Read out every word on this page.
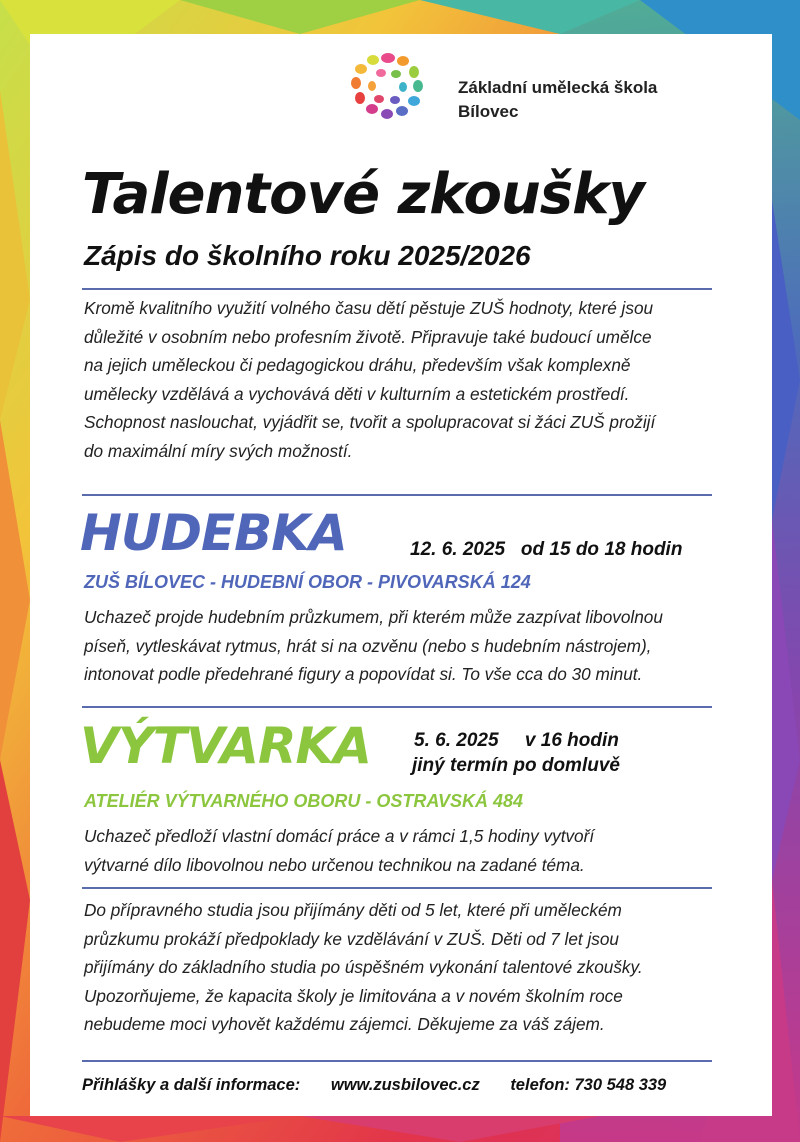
Základní umělecká škola
Bílovec
Talentové zkoušky
Zápis do školního roku 2025/2026
Kromě kvalitního využití volného času dětí pěstuje ZUŠ hodnoty, které jsou
důležité v osobním nebo profesním životě. Připravuje také budoucí umělce
na jejich uměleckou či pedagogickou dráhu, především však komplexně
umělecky vzdělává a vychovává děti v kulturním a estetickém prostředí.
Schopnost naslouchat, vyjádřit se, tvořit a spolupracovat si žáci ZUŠ prožijí
do maximální míry svých možností.
HUDEBKA	12. 6. 2025   od 15 do 18 hodin
ZUŠ BÍLOVEC - HUDEBNÍ OBOR - PIVOVARSKÁ 124
Uchazeč projde hudebním průzkumem, při kterém může zazpívat libovolnou
píseň, vytleskávat rytmus, hrát si na ozvěnu (nebo s hudebním nástrojem),
intonovat podle předehrané figury a popovídat si. To vše cca do 30 minut.
VÝTVARKA 5. 6. 2025     v 16 hodin
jiný termín po domluvě
ATELIÉR VÝTVARNÉHO OBORU - OSTRAVSKÁ 484
Uchazeč předloží vlastní domácí práce a v rámci 1,5 hodiny vytvoří
výtvarné dílo libovolnou nebo určenou technikou na zadané téma.
Do přípravného studia jsou přijímány děti od 5 let, které při uměleckém
průzkumu prokáží předpoklady ke vzdělávání v ZUŠ. Děti od 7 let jsou
přijímány do základního studia po úspěšném vykonání talentové zkoušky.
Upozorňujeme, že kapacita školy je limitována a v novém školním roce
nebudeme moci vyhovět každému zájemci. Děkujeme za váš zájem.
Přihlášky a další informace: www.zusbilovec.cz telefon: 730 548 339
